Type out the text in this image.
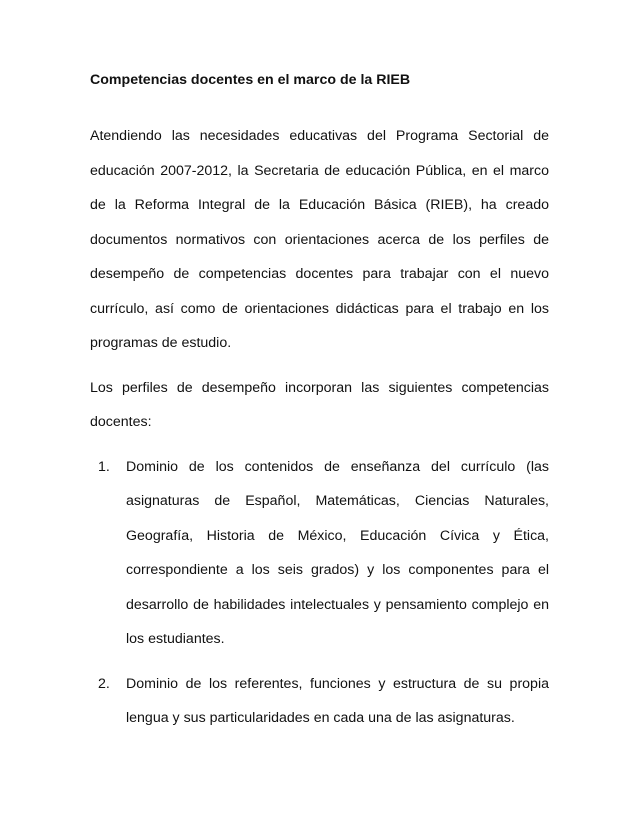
Competencias docentes en el marco de la RIEB

Atendiendo las necesidades educativas del Programa Sectorial de educación 2007-2012, la Secretaria de educación Pública, en el marco de la Reforma Integral de la Educación Básica (RIEB), ha creado documentos normativos con orientaciones acerca de los perfiles de desempeño de competencias docentes para trabajar con el nuevo currículo, así como de orientaciones didácticas para el trabajo en los programas de estudio.

Los perfiles de desempeño incorporan las siguientes competencias docentes:

1. Dominio de los contenidos de enseñanza del currículo (las asignaturas de Español, Matemáticas, Ciencias Naturales, Geografía, Historia de México, Educación Cívica y Ética, correspondiente a los seis grados) y los componentes para el desarrollo de habilidades intelectuales y pensamiento complejo en los estudiantes.
2. Dominio de los referentes, funciones y estructura de su propia lengua y sus particularidades en cada una de las asignaturas.
